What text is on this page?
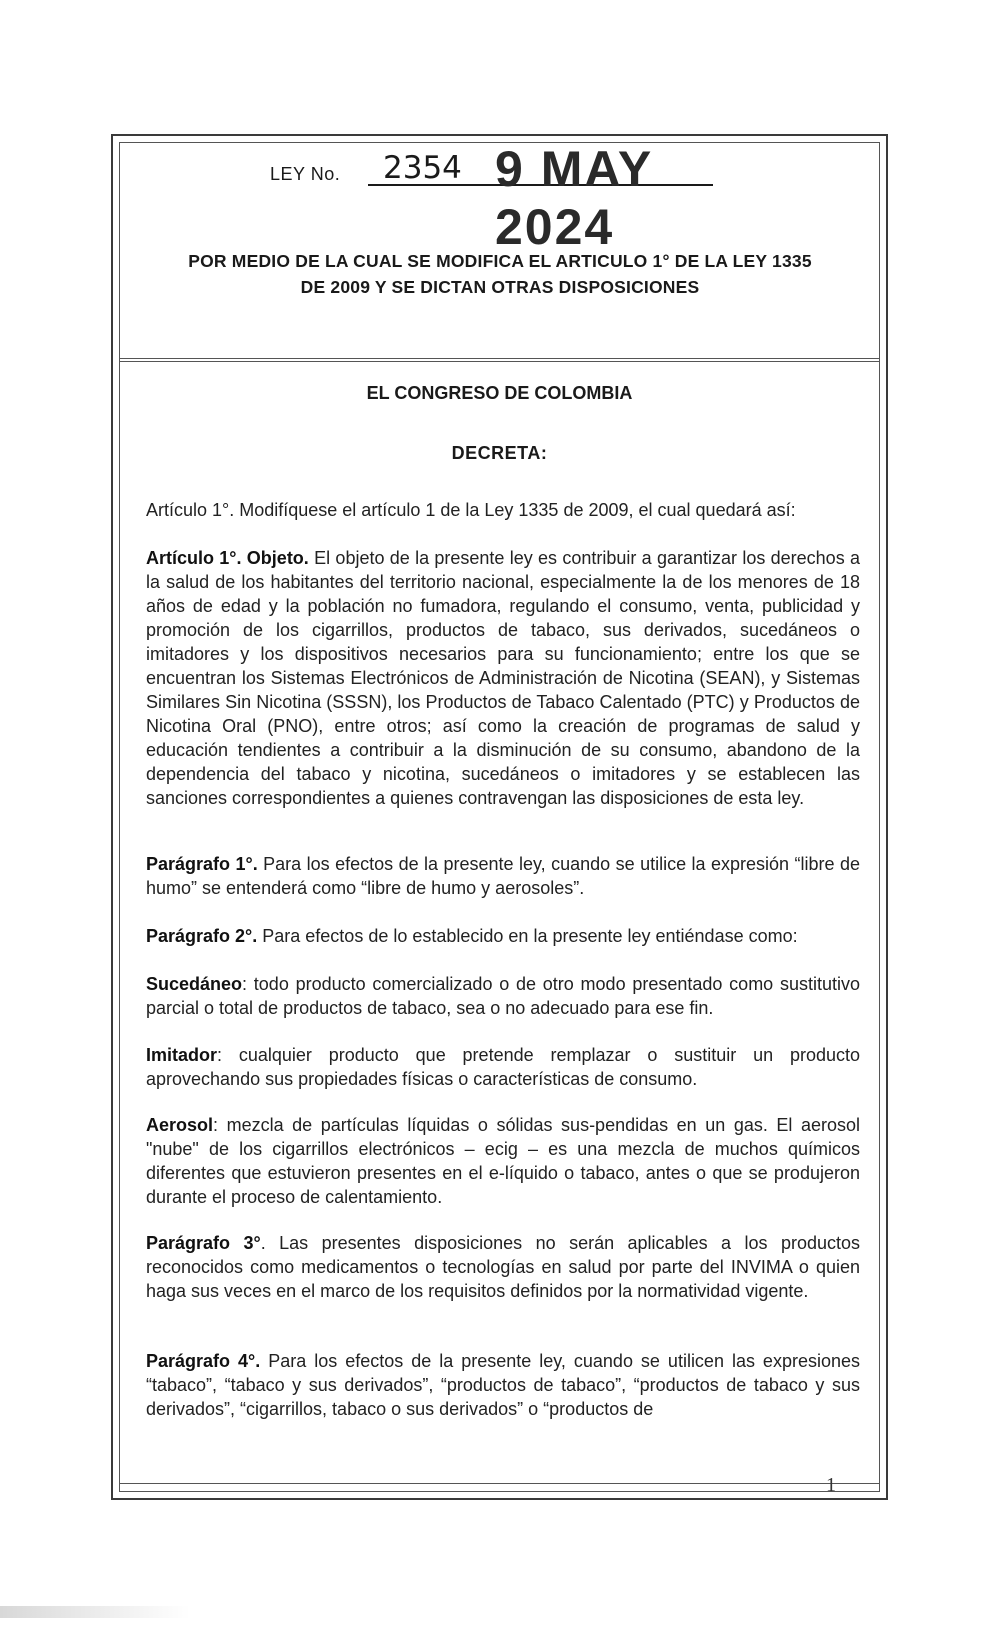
LEY No. 2354 9 MAY 2024
POR MEDIO DE LA CUAL SE MODIFICA EL ARTICULO 1° DE LA LEY 1335
DE 2009 Y SE DICTAN OTRAS DISPOSICIONES
EL CONGRESO DE COLOMBIA
DECRETA:
Artículo 1°. Modifíquese el artículo 1 de la Ley 1335 de 2009, el cual quedará así:
Artículo 1°. Objeto. El objeto de la presente ley es contribuir a garantizar los derechos a la salud de los habitantes del territorio nacional, especialmente la de los menores de 18 años de edad y la población no fumadora, regulando el consumo, venta, publicidad y promoción de los cigarrillos, productos de tabaco, sus derivados, sucedáneos o imitadores y los dispositivos necesarios para su funcionamiento; entre los que se encuentran los Sistemas Electrónicos de Administración de Nicotina (SEAN), y Sistemas Similares Sin Nicotina (SSSN), los Productos de Tabaco Calentado (PTC) y Productos de Nicotina Oral (PNO), entre otros; así como la creación de programas de salud y educación tendientes a contribuir a la disminución de su consumo, abandono de la dependencia del tabaco y nicotina, sucedáneos o imitadores y se establecen las sanciones correspondientes a quienes contravengan las disposiciones de esta ley.
Parágrafo 1°. Para los efectos de la presente ley, cuando se utilice la expresión “libre de humo” se entenderá como “libre de humo y aerosoles”.
Parágrafo 2°. Para efectos de lo establecido en la presente ley entiéndase como:
Sucedáneo: todo producto comercializado o de otro modo presentado como sustitutivo parcial o total de productos de tabaco, sea o no adecuado para ese fin.
Imitador: cualquier producto que pretende remplazar o sustituir un producto aprovechando sus propiedades físicas o características de consumo.
Aerosol: mezcla de partículas líquidas o sólidas sus-pendidas en un gas. El aerosol "nube" de los cigarrillos electrónicos – ecig – es una mezcla de muchos químicos diferentes que estuvieron presentes en el e-líquido o tabaco, antes o que se produjeron durante el proceso de calentamiento.
Parágrafo 3°. Las presentes disposiciones no serán aplicables a los productos reconocidos como medicamentos o tecnologías en salud por parte del INVIMA o quien haga sus veces en el marco de los requisitos definidos por la normatividad vigente.
Parágrafo 4°. Para los efectos de la presente ley, cuando se utilicen las expresiones “tabaco”, “tabaco y sus derivados”, “productos de tabaco”, “productos de tabaco y sus derivados”, “cigarrillos, tabaco o sus derivados” o “productos de
1
